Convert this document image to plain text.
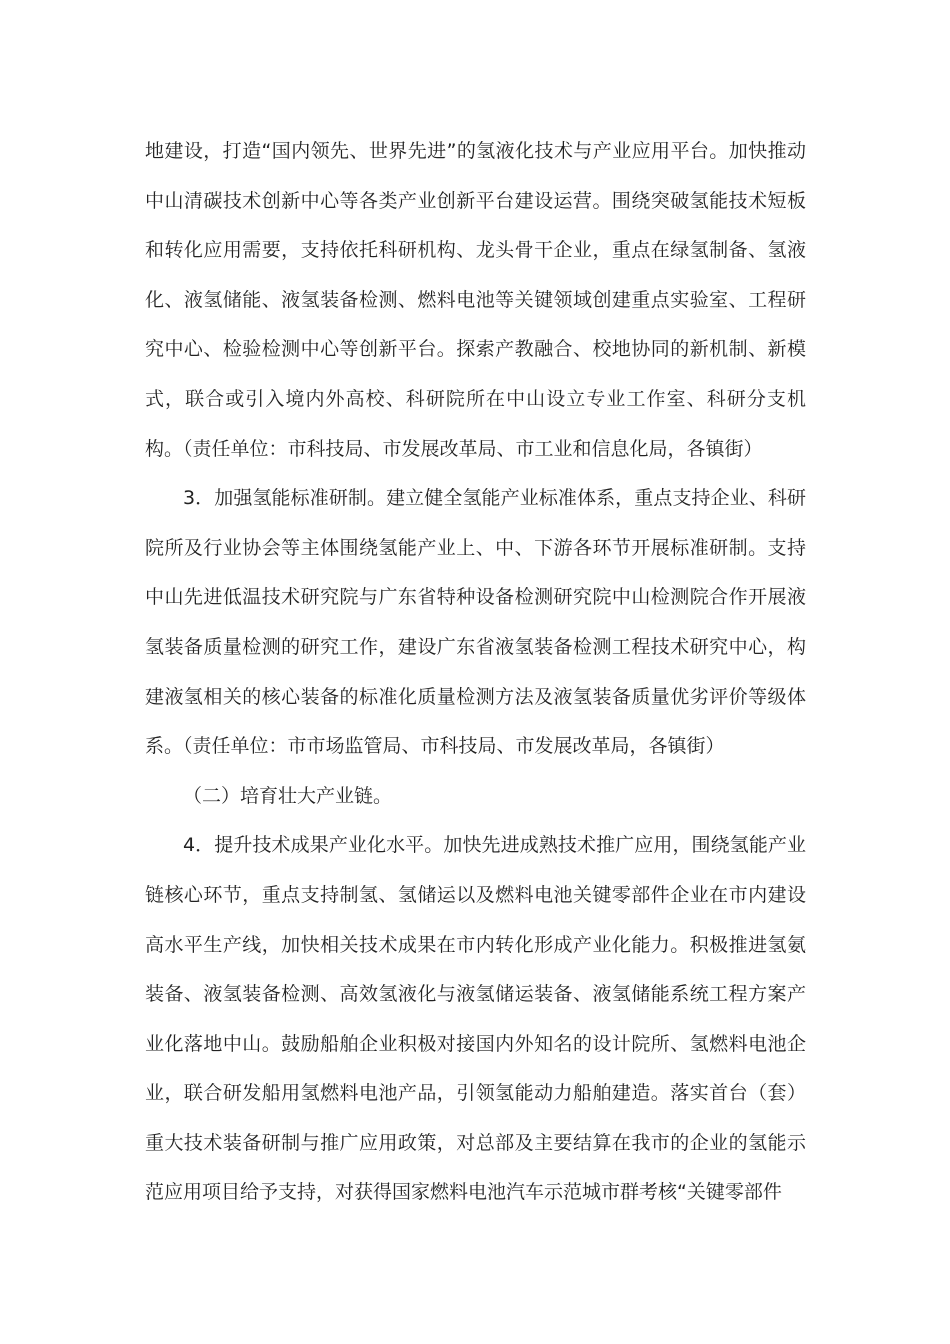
地建设，打造“国内领先、世界先进”的氢液化技术与产业应用平台。加快推动中山清碳技术创新中心等各类产业创新平台建设运营。围绕突破氢能技术短板和转化应用需要，支持依托科研机构、龙头骨干企业，重点在绿氢制备、氢液化、液氢储能、液氢装备检测、燃料电池等关键领域创建重点实验室、工程研究中心、检验检测中心等创新平台。探索产教融合、校地协同的新机制、新模式，联合或引入境内外高校、科研院所在中山设立专业工作室、科研分支机构。（责任单位：市科技局、市发展改革局、市工业和信息化局，各镇街）

3．加强氢能标准研制。建立健全氢能产业标准体系，重点支持企业、科研院所及行业协会等主体围绕氢能产业上、中、下游各环节开展标准研制。支持中山先进低温技术研究院与广东省特种设备检测研究院中山检测院合作开展液氢装备质量检测的研究工作，建设广东省液氢装备检测工程技术研究中心，构建液氢相关的核心装备的标准化质量检测方法及液氢装备质量优劣评价等级体系。（责任单位：市市场监管局、市科技局、市发展改革局，各镇街）

（二）培育壮大产业链。

4．提升技术成果产业化水平。加快先进成熟技术推广应用，围绕氢能产业链核心环节，重点支持制氢、氢储运以及燃料电池关键零部件企业在市内建设高水平生产线，加快相关技术成果在市内转化形成产业化能力。积极推进氢氨装备、液氢装备检测、高效氢液化与液氢储运装备、液氢储能系统工程方案产业化落地中山。鼓励船舶企业积极对接国内外知名的设计院所、氢燃料电池企业，联合研发船用氢燃料电池产品，引领氢能动力船舶建造。落实首台（套）重大技术装备研制与推广应用政策，对总部及主要结算在我市的企业的氢能示范应用项目给予支持，对获得国家燃料电池汽车示范城市群考核“关键零部件
